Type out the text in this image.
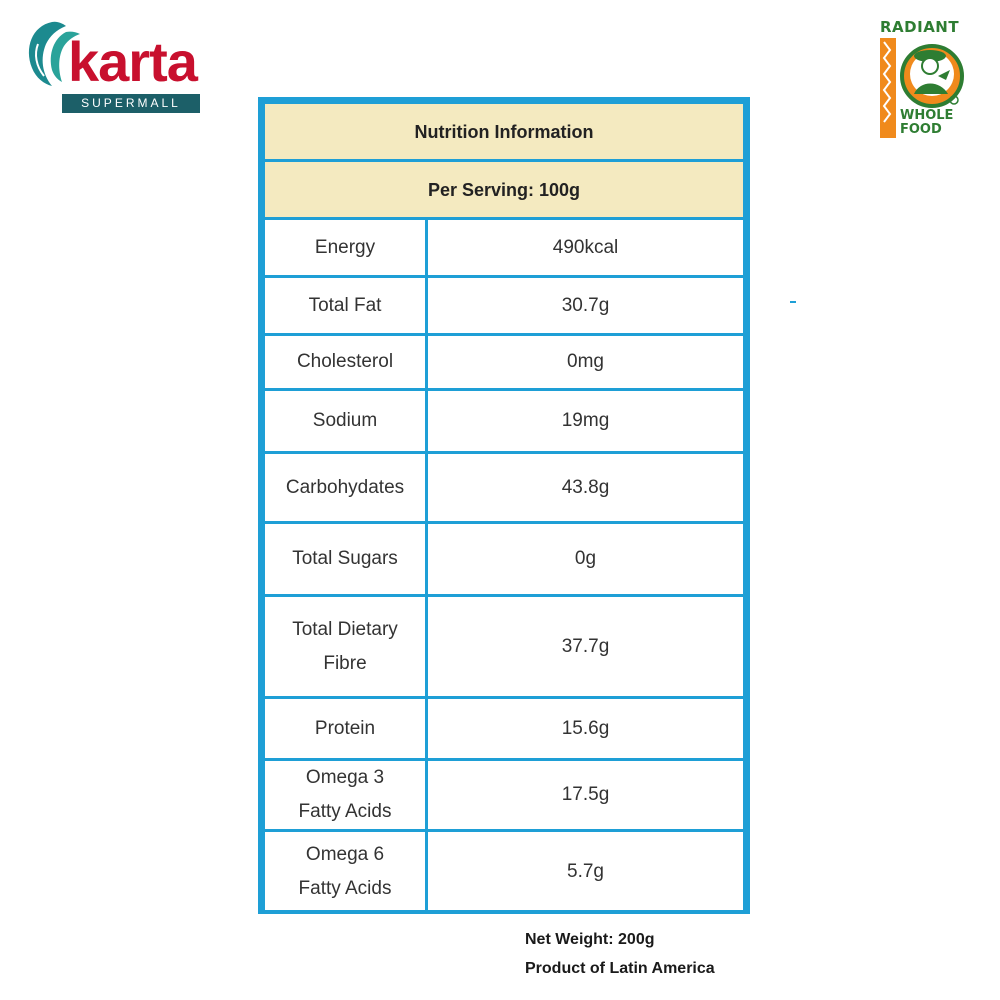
karta
SUPERMALL
RADIANT
WHOLE
FOOD
Nutrition Information	
Per Serving: 100g	

Energy	490kcal

Total Fat	30.7g

Cholesterol	0mg

Sodium	19mg

Carbohydates	43.8g

Total Sugars	0g

Total Dietary
Fibre	37.7g

Protein	15.6g

Omega 3
Fatty Acids	17.5g

Omega 6
Fatty Acids	5.7g
Net Weight: 200g
Product of Latin America
